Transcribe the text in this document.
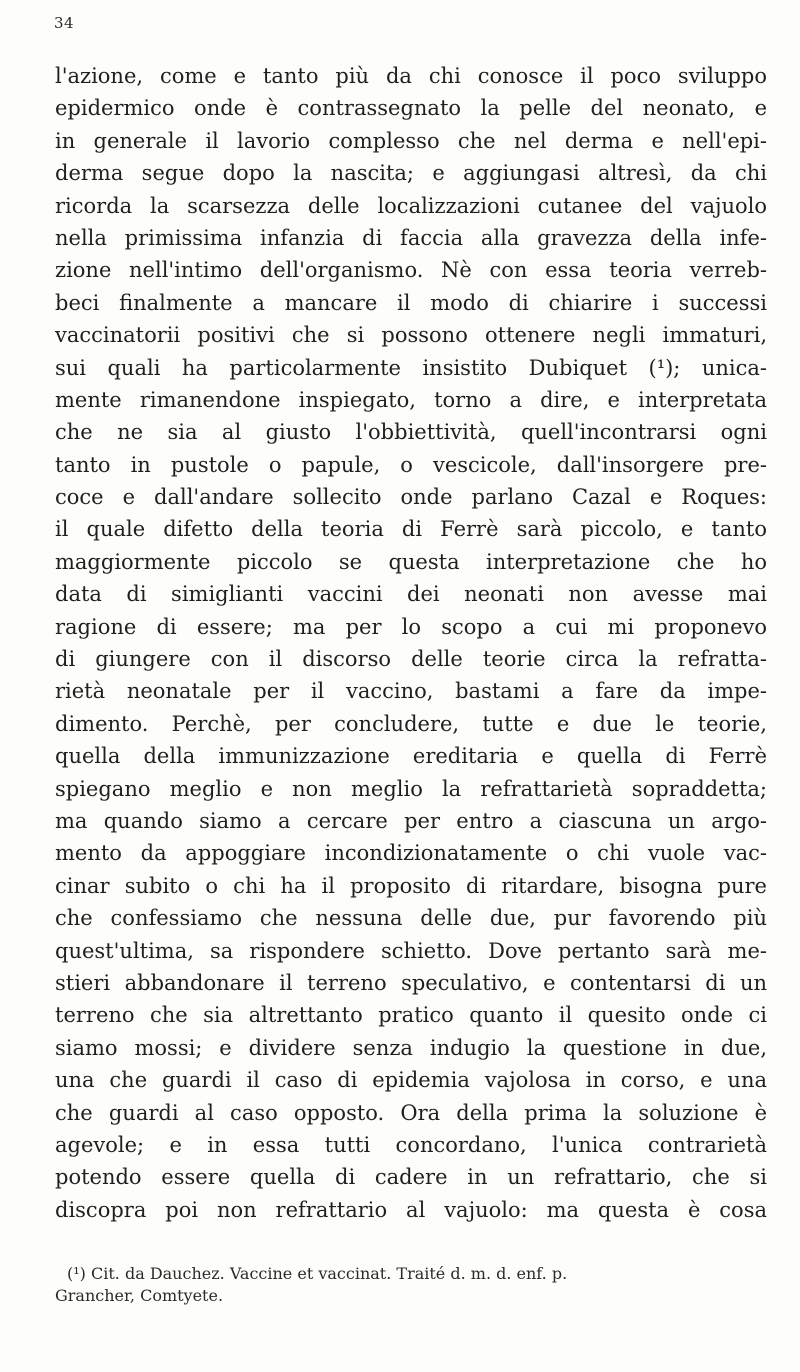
34
l'azione, come e tanto più da chi conosce il poco sviluppo
epidermico onde è contrassegnato la pelle del neonato, e
in generale il lavorio complesso che nel derma e nell'epi-
derma segue dopo la nascita; e aggiungasi altresì, da chi
ricorda la scarsezza delle localizzazioni cutanee del vajuolo
nella primissima infanzia di faccia alla gravezza della infe-
zione nell'intimo dell'organismo. Nè con essa teoria verreb-
beci finalmente a mancare il modo di chiarire i successi
vaccinatorii positivi che si possono ottenere negli immaturi,
sui quali ha particolarmente insistito Dubiquet (¹); unica-
mente rimanendone inspiegato, torno a dire, e interpretata
che ne sia al giusto l'obbiettività, quell'incontrarsi ogni
tanto in pustole o papule, o vescicole, dall'insorgere pre-
coce e dall'andare sollecito onde parlano Cazal e Roques:
il quale difetto della teoria di Ferrè sarà piccolo, e tanto
maggiormente piccolo se questa interpretazione che ho
data di simiglianti vaccini dei neonati non avesse mai
ragione di essere; ma per lo scopo a cui mi proponevo
di giungere con il discorso delle teorie circa la refratta-
rietà neonatale per il vaccino, bastami a fare da impe-
dimento. Perchè, per concludere, tutte e due le teorie,
quella della immunizzazione ereditaria e quella di Ferrè
spiegano meglio e non meglio la refrattarietà sopraddetta;
ma quando siamo a cercare per entro a ciascuna un argo-
mento da appoggiare incondizionatamente o chi vuole vac-
cinar subito o chi ha il proposito di ritardare, bisogna pure
che confessiamo che nessuna delle due, pur favorendo più
quest'ultima, sa rispondere schietto. Dove pertanto sarà me-
stieri abbandonare il terreno speculativo, e contentarsi di un
terreno che sia altrettanto pratico quanto il quesito onde ci
siamo mossi; e dividere senza indugio la questione in due,
una che guardi il caso di epidemia vajolosa in corso, e una
che guardi al caso opposto. Ora della prima la soluzione è
agevole; e in essa tutti concordano, l'unica contrarietà
potendo essere quella di cadere in un refrattario, che si
discopra poi non refrattario al vajuolo: ma questa è cosa
(¹) Cit. da Dauchez. Vaccine et vaccinat. Traité d. m. d. enf. p.
Grancher, Comtyete.
